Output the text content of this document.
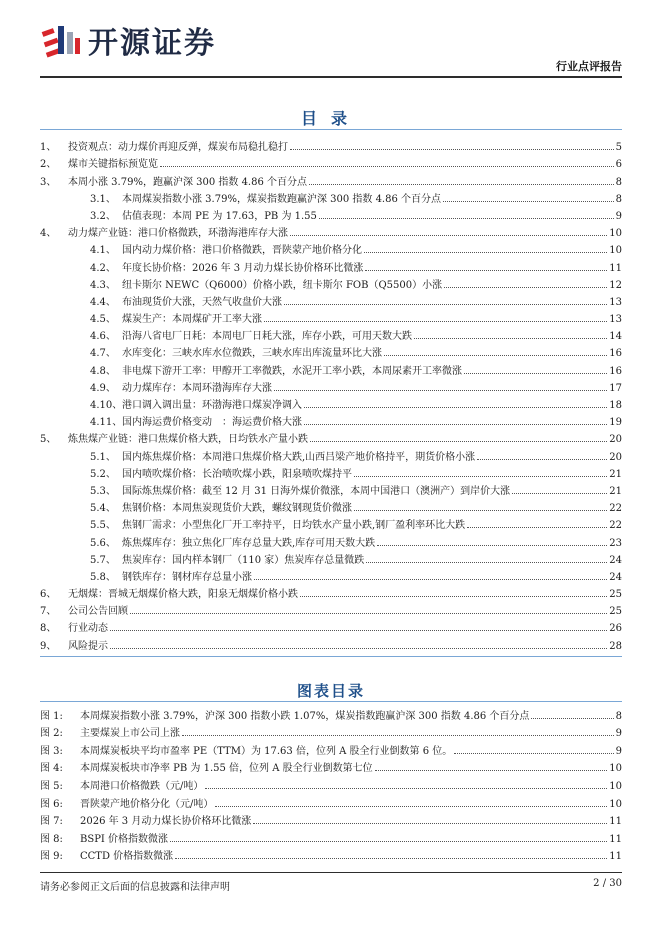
开源证券
行业点评报告
目录
1、	投资观点：动力煤价再迎反弹，煤炭布局稳扎稳打	5
2、	煤市关键指标预览览	6
3、	本周小涨 3.79%，跑赢沪深 300 指数 4.86 个百分点	8
3.1、 本周煤炭指数小涨 3.79%，煤炭指数跑赢沪深 300 指数 4.86 个百分点	8
3.2、 估值表现：本周 PE 为 17.63，PB 为 1.55	9
4、	动力煤产业链：港口价格微跌，环渤海港库存大涨	10
4.1、 国内动力煤价格：港口价格微跌，晋陕蒙产地价格分化	10
4.2、 年度长协价格：2026 年 3 月动力煤长协价格环比微涨	11
4.3、 纽卡斯尔 NEWC（Q6000）价格小跌，纽卡斯尔 FOB（Q5500）小涨	12
4.4、 布油现货价大涨，天然气收盘价大涨	13
4.5、 煤炭生产：本周煤矿开工率大涨	13
4.6、 沿海八省电厂日耗：本周电厂日耗大涨，库存小跌，可用天数大跌	14
4.7、 水库变化：三峡水库水位微跌，三峡水库出库流量环比大涨	16
4.8、 非电煤下游开工率：甲醇开工率微跌，水泥开工率小跌，本周尿素开工率微涨	16
4.9、 动力煤库存：本周环渤海库存大涨	17
4.10、 港口调入调出量：环渤海港口煤炭净调入	18
4.11、 国内海运费价格变动　：海运费价格大涨	19
5、	炼焦煤产业链：港口焦煤价格大跌，日均铁水产量小跌	20
5.1、 国内炼焦煤价格：本周港口焦煤价格大跌,山西吕梁产地价格持平，期货价格小涨	20
5.2、 国内喷吹煤价格：长治喷吹煤小跌，阳泉喷吹煤持平	21
5.3、 国际炼焦煤价格：截至 12 月 31 日海外煤价微涨，本周中国港口（澳洲产）到岸价大涨	21
5.4、 焦钢价格：本周焦炭现货价大跌，螺纹钢现货价微涨	22
5.5、 焦钢厂需求：小型焦化厂开工率持平，日均铁水产量小跌,钢厂盈利率环比大跌	22
5.6、 炼焦煤库存：独立焦化厂库存总量大跌,库存可用天数大跌	23
5.7、 焦炭库存：国内样本钢厂（110 家）焦炭库存总量微跌	24
5.8、 钢铁库存：钢材库存总量小涨	24
6、	无烟煤：晋城无烟煤价格大跌，阳泉无烟煤价格小跌	25
7、	公司公告回顾	25
8、	行业动态	26
9、	风险提示	28
图表目录
图 1:	本周煤炭指数小涨 3.79%，沪深 300 指数小跌 1.07%，煤炭指数跑赢沪深 300 指数 4.86 个百分点	8
图 2:	主要煤炭上市公司上涨	9
图 3:	本周煤炭板块平均市盈率 PE（TTM）为 17.63 倍，位列 A 股全行业倒数第 6 位。	9
图 4:	本周煤炭板块市净率 PB 为 1.55 倍，位列 A 股全行业倒数第七位	10
图 5:	本周港口价格微跌（元/吨）	10
图 6:	晋陕蒙产地价格分化（元/吨）	10
图 7:	2026 年 3 月动力煤长协价格环比微涨	11
图 8:	BSPI 价格指数微涨	11
图 9:	CCTD 价格指数微涨	11
请务必参阅正文后面的信息披露和法律声明	2 / 30
